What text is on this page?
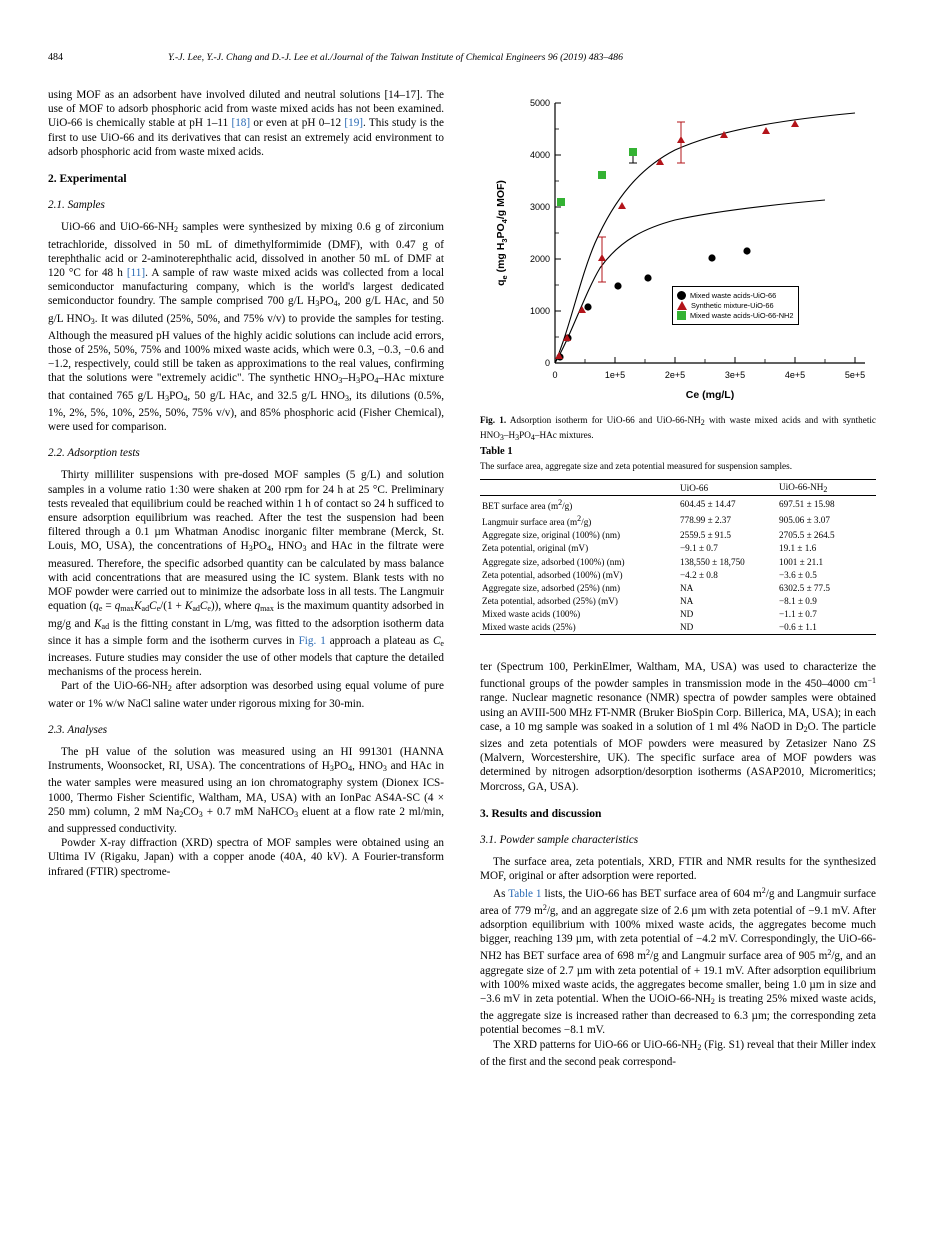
484	Y.-J. Lee, Y.-J. Chang and D.-J. Lee et al./Journal of the Taiwan Institute of Chemical Engineers 96 (2019) 483–486

using MOF as an adsorbent have involved diluted and neutral solutions [14–17]. The use of MOF to adsorb phosphoric acid from waste mixed acids has not been examined. UiO-66 is chemically stable at pH 1–11 [18] or even at pH 0–12 [19]. This study is the first to use UiO-66 and its derivatives that can resist an extremely acid environment to adsorb phosphoric acid from waste mixed acids.

2. Experimental
2.1. Samples

UiO-66 and UiO-$66-NH_2$ samples were synthesized by mixing 0.6 g of zirconium tetrachloride, dissolved in 50 mL of dimethylformimide (DMF), with 0.47 g of terephthalic acid or 2-aminoterephthalic acid, dissolved in another 50 mL of DMF at 120 °C for 48 h [11]. A sample of raw waste mixed acids was collected from a local semiconductor manufacturing company, which is the world's largest dedicated semiconductor foundry. The sample comprised 700 g/L $H_3PO_4$, 200 g/L HAc, and 50 g/L $HNO_3$. It was diluted (25%, 50%, and 75% v/v) to provide the samples for testing. Although the measured pH values of the highly acidic solutions can include acid errors, those of 25%, 50%, 75% and 100% mixed waste acids, which were 0.3, −0.3, −0.6 and −1.2, respectively, could still be taken as approximations to the real values, confirming that the solutions were "extremely acidic". The synthetic $HNO_3-H_3PO_4$–HAc mixture that contained 765 g/L $H_3PO_4$, 50 g/L HAc, and 32.5 g/L $HNO_3$, its dilutions (0.5%, 1%, 2%, 5%, 10%, 25%, 50%, 75% v/v), and 85% phosphoric acid (Fisher Chemical), were used for comparison.

2.2. Adsorption tests

Thirty milliliter suspensions with pre-dosed MOF samples (5 g/L) and solution samples in a volume ratio 1:30 were shaken at 200 rpm for 24 h at 25 °C. Preliminary tests revealed that equilibrium could be reached within 1 h of contact so 24 h sufficed to ensure adsorption equilibrium was reached. After the test the suspension had been filtered through a 0.1 µm Whatman Anodisc inorganic filter membrane (Merck, St. Louis, MO, USA), the concentrations of $H_3PO_4$, $HNO_3$ and HAc in the filtrate were measured. Therefore, the specific adsorbed quantity can be calculated by mass balance with acid concentrations that are measured using the IC system. Blank tests with no MOF powder were carried out to minimize the adsorbate loss in all tests. The Langmuir equation $(q_e = q_{max}K_{ad}C_e/(1 + K_{ad}C_e))$, where $q_{max}$ is the maximum quantity adsorbed in mg/g and $K_{ad}$ is the fitting constant in L/mg, was fitted to the adsorption isotherm data since it has a simple form and the isotherm curves in Fig. 1 approach a plateau as $C_e$ increases. Future studies may consider the use of other models that capture the detailed mechanisms of the process herein.

Part of the UiO-$66-NH_2$ after adsorption was desorbed using equal volume of pure water or 1% w/w NaCl saline water under rigorous mixing for 30-min.

2.3. Analyses

The pH value of the solution was measured using an HI 991301 (HANNA Instruments, Woonsocket, RI, USA). The concentrations of $H_3PO_4$, $HNO_3$ and HAc in the water samples were measured using an ion chromatography system (Dionex ICS-1000, Thermo Fisher Scientific, Waltham, MA, USA) with an IonPac AS4A-SC (4 × 250 mm) column, 2 mM $Na_2CO_3 + 0.7$ mM NaHCO$_3$ eluent at a flow rate 2 ml/min, and suppressed conductivity.

Powder X-ray diffraction (XRD) spectra of MOF samples were obtained using an Ultima IV (Rigaku, Japan) with a copper anode (40A, 40 kV). A Fourier-transform infrared (FTIR) spectrome-

0
1000
2000
3000
4000
5000
0	1e+5	2e+5	3e+5	4e+5	5e+5
Ce (mg/L)
$q_e$ (mg $H_3PO_4/g$ MOF)
Mixed waste acids-UiO-66
Synthetic mixture-UiO-66
Mixed waste acids-UiO-66-NH2
Fig. 1. Adsorption isotherm for UiO-66 and UiO-$66-NH_2$ with waste mixed acids and with synthetic $HNO_3-H_3PO_4$–HAc mixtures.
Table 1
The surface area, aggregate size and zeta potential measured for suspension samples.
	UiO-66	UiO-$66-NH_2$
BET surface area $(m^2/g)$	604.45 ± 14.47	697.51 ± 15.98
Langmuir surface area $(m^2/g)$	778.99 ± 2.37	905.06 ± 3.07
Aggregate size, original (100%) (nm)	2559.5 ± 91.5	2705.5 ± 264.5
Zeta potential, original (mV)	−9.1 ± 0.7	19.1 ± 1.6
Aggregate size, adsorbed (100%) (nm)	138,550 ± 18,750	1001 ± 21.1
Zeta potential, adsorbed (100%) (mV)	−4.2 ± 0.8	−3.6 ± 0.5
Aggregate size, adsorbed (25%) (nm)	NA	6302.5 ± 77.5
Zeta potential, adsorbed (25%) (mV)	NA	−8.1 ± 0.9
Mixed waste acids (100%)	ND	−1.1 ± 0.7
Mixed waste acids (25%)	ND	−0.6 ± 1.1

ter (Spectrum 100, PerkinElmer, Waltham, MA, USA) was used to characterize the functional groups of the powder samples in transmission mode in the 450–4000 $cm^{-1}$ range. Nuclear magnetic resonance (NMR) spectra of powder samples were obtained using an AVIII-500 MHz FT-NMR (Bruker BioSpin Corp. Billerica, MA, USA); in each case, a 10 mg sample was soaked in a solution of 1 ml 4% NaOD in $D_2O$. The particle sizes and zeta potentials of MOF powders were measured by Zetasizer Nano ZS (Malvern, Worcestershire, UK). The specific surface area of MOF powders was determined by nitrogen adsorption/desorption isotherms (ASAP2010, Micromeritics; Morcross, GA, USA).

3. Results and discussion
3.1. Powder sample characteristics

The surface area, zeta potentials, XRD, FTIR and NMR results for the synthesized MOF, original or after adsorption were reported.

As Table 1 lists, the UiO-66 has BET surface area of 604 $m^2/g$ and Langmuir surface area of 779 $m^2/g$, and an aggregate size of 2.6 µm with zeta potential of −9.1 mV. After adsorption equilibrium with 100% mixed waste acids, the aggregates become much bigger, reaching 139 µm, with zeta potential of −4.2 mV. Correspondingly, the UiO-66-NH2 has BET surface area of 698 $m^2/g$ and Langmuir surface area of 905 $m^2/g$, and an aggregate size of 2.7 µm with zeta potential of + 19.1 mV. After adsorption equilibrium with 100% mixed waste acids, the aggregates become smaller, being 1.0 µm in size and −3.6 mV in zeta potential. When the UOiO-$66-NH_2$ is treating 25% mixed waste acids, the aggregate size is increased rather than decreased to 6.3 µm; the corresponding zeta potential becomes −8.1 mV.

The XRD patterns for UiO-66 or UiO-$66-NH_2$ (Fig. S1) reveal that their Miller index of the first and the second peak correspond-
